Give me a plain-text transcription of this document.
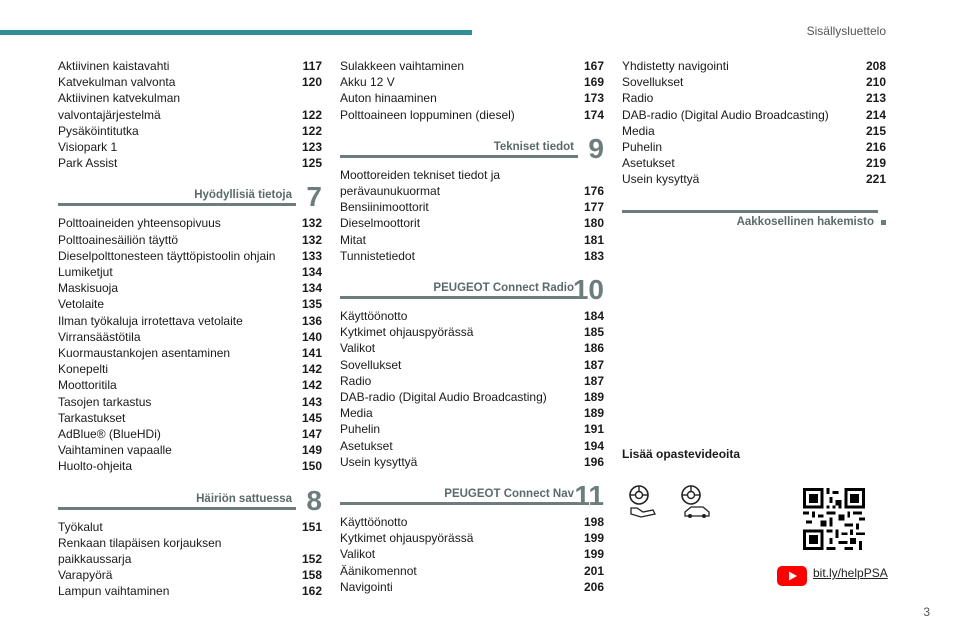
Sisällysluettelo
Aktiivinen kaistavahti	117
Katvekulman valvonta	120
Aktiivinen katvekulman
valvontajärjestelmä	122
Pysäköintitutka	122
Visiopark 1	123
Park Assist	125
Hyödyllisiä tietoja 7
Polttoaineiden yhteensopivuus	132
Polttoainesäiliön täyttö	132
Dieselpolttonesteen täyttöpistoolin ohjain	133
Lumiketjut	134
Maskisuoja	134
Vetolaite	135
Ilman työkaluja irrotettava vetolaite	136
Virransäästötila	140
Kuormaustankojen asentaminen	141
Konepelti	142
Moottoritila	142
Tasojen tarkastus	143
Tarkastukset	145
AdBlue® (BlueHDi)	147
Vaihtaminen vapaalle	149
Huolto-ohjeita	150
Häiriön sattuessa 8
Työkalut	151
Renkaan tilapäisen korjauksen
paikkaussarja	152
Varapyörä	158
Lampun vaihtaminen	162
Sulakkeen vaihtaminen	167
Akku 12 V	169
Auton hinaaminen	173
Polttoaineen loppuminen (diesel)	174
Tekniset tiedot 9
Moottoreiden tekniset tiedot ja
perävaunukuormat	176
Bensiinimoottorit	177
Dieselmoottorit	180
Mitat	181
Tunnistetiedot	183
PEUGEOT Connect Radio
10
Käyttöönotto	184
Kytkimet ohjauspyörässä	185
Valikot	186
Sovellukset	187
Radio	187
DAB-radio (Digital Audio Broadcasting)	189
Media	189
Puhelin	191
Asetukset	194
Usein kysyttyä	196
PEUGEOT Connect Nav 11
Käyttöönotto	198
Kytkimet ohjauspyörässä	199
Valikot	199
Äänikomennot	201
Navigointi	206
Yhdistetty navigointi	208
Sovellukset	210
Radio	213
DAB-radio (Digital Audio Broadcasting)	214
Media	215
Puhelin	216
Asetukset	219
Usein kysyttyä	221
Aakkosellinen hakemisto
Lisää opastevideoita
bit.ly/helpPSA
3
